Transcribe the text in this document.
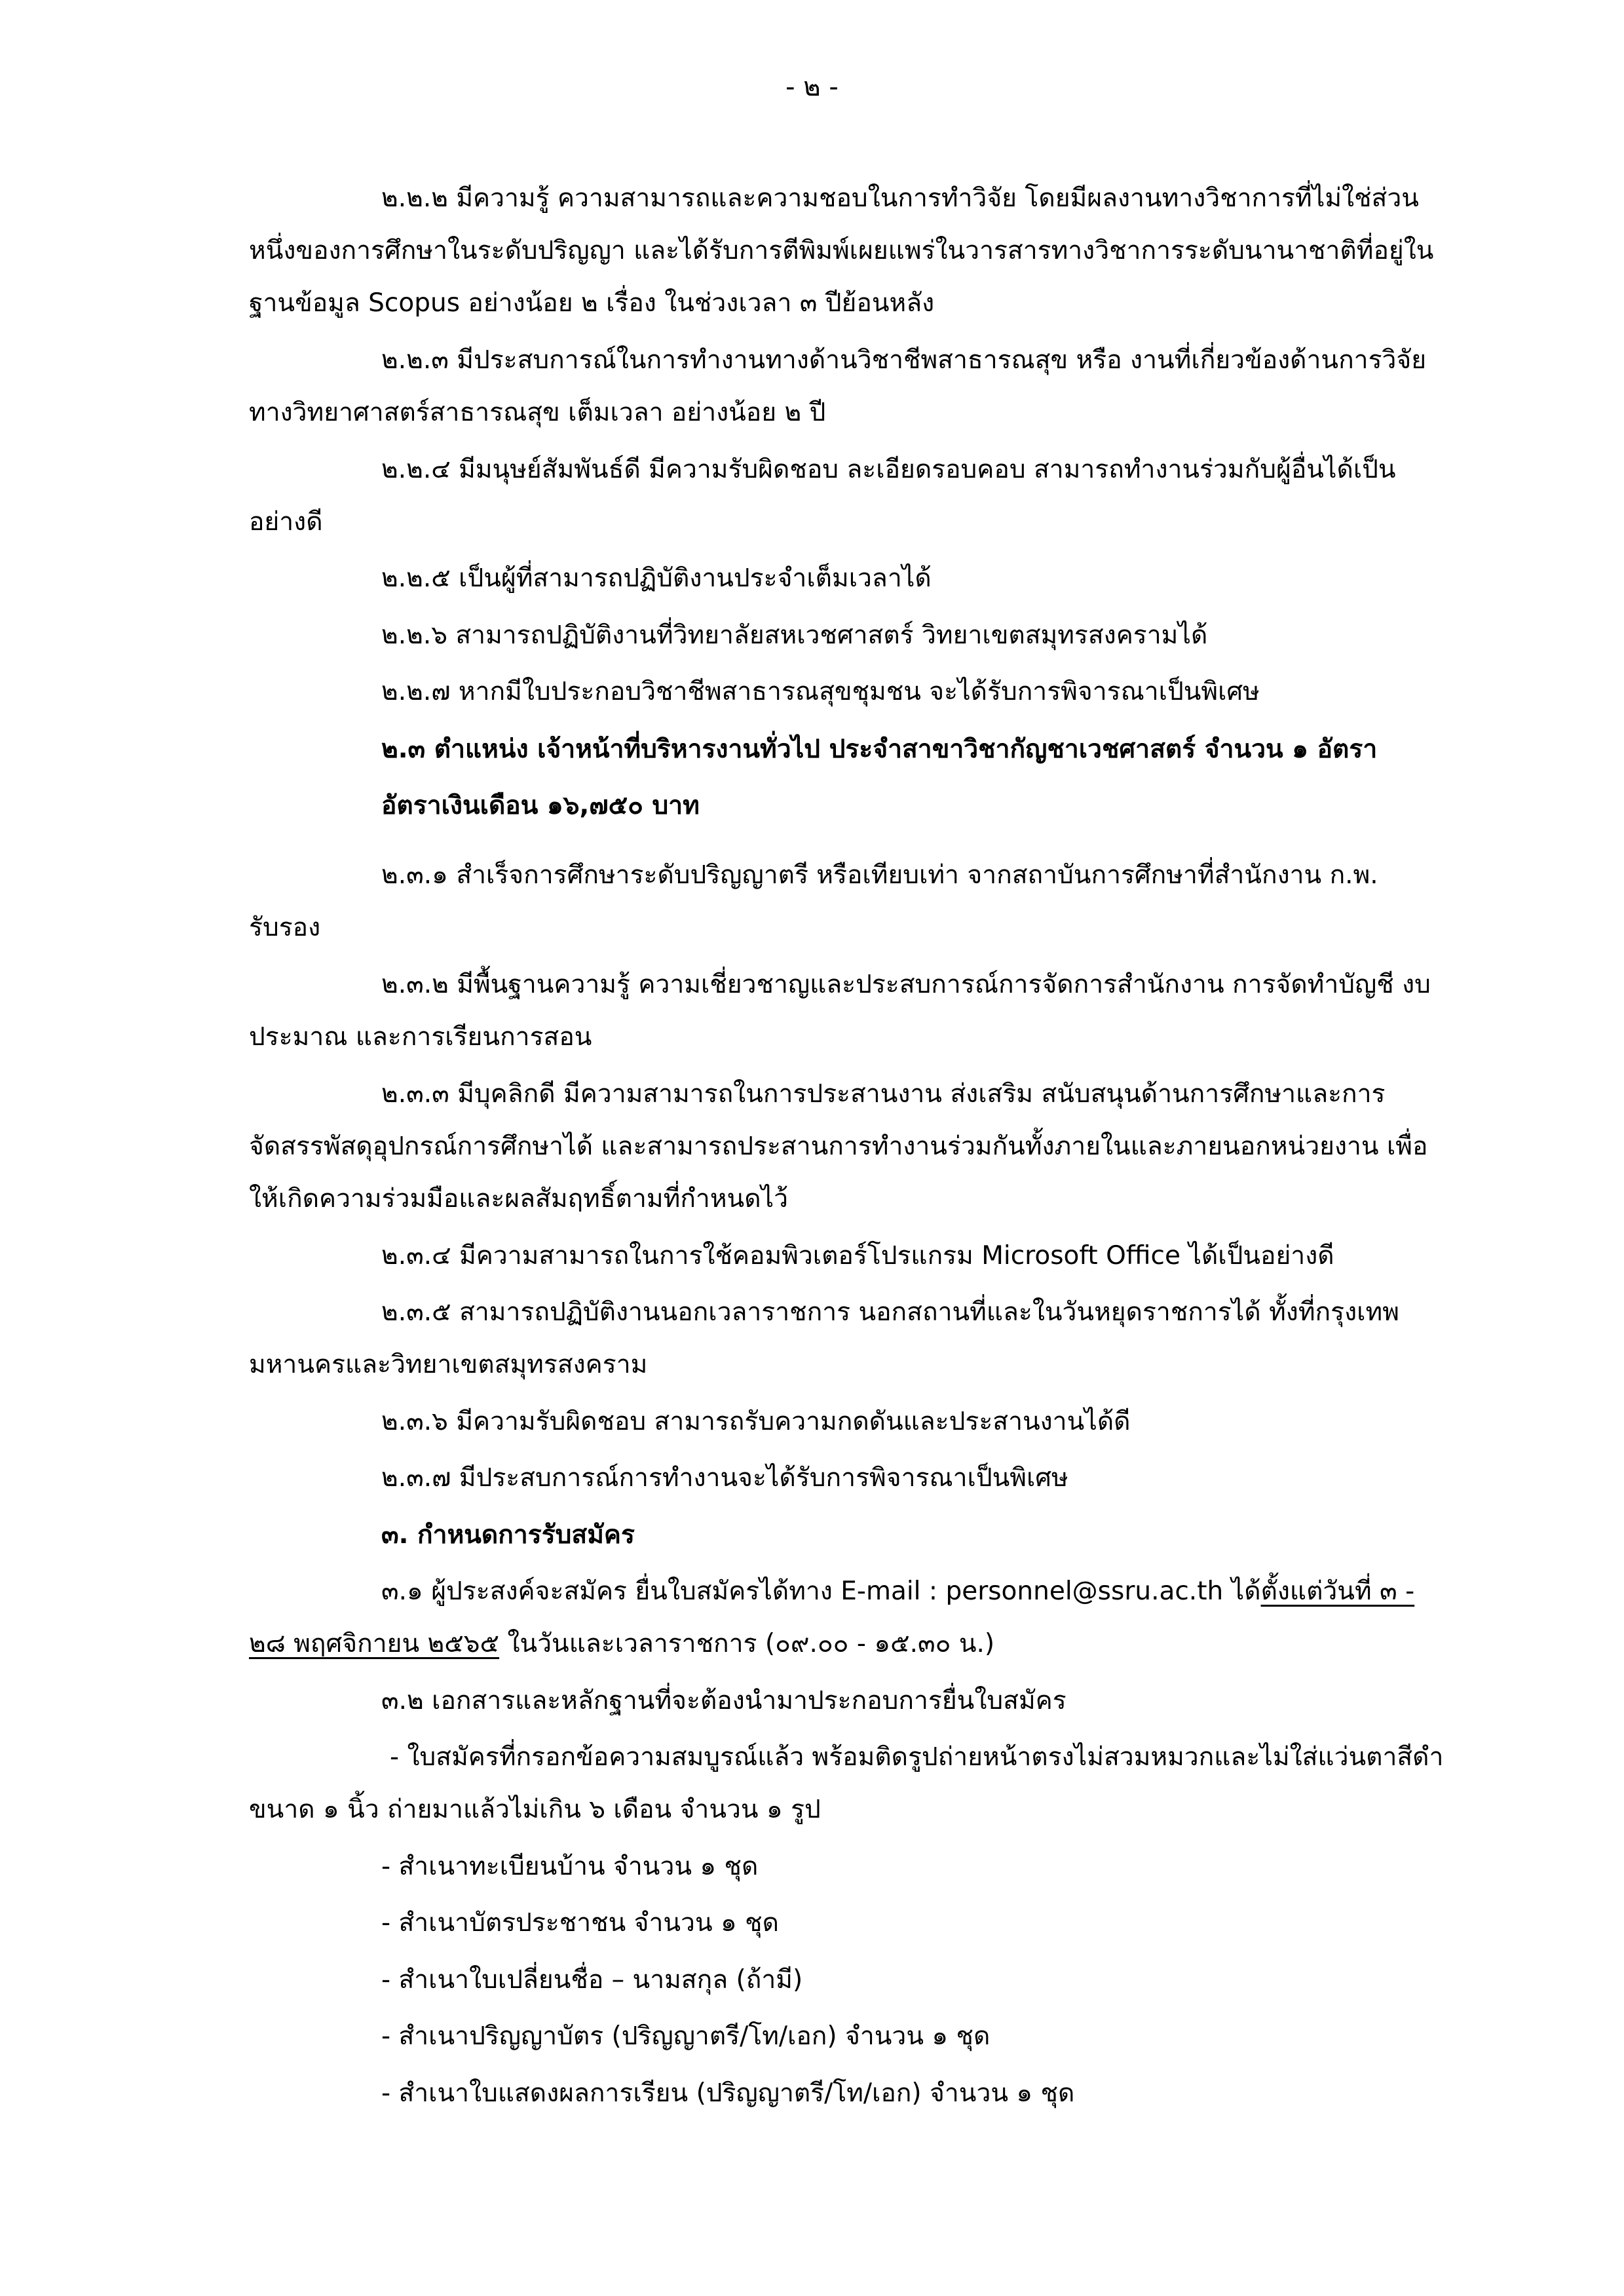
- ๒ -
๒.๒.๒ มีความรู้ ความสามารถและความชอบในการทำวิจัย โดยมีผลงานทางวิชาการที่ไม่ใช่ส่วน
หนึ่งของการศึกษาในระดับปริญญา และได้รับการตีพิมพ์เผยแพร่ในวารสารทางวิชาการระดับนานาชาติที่อยู่ใน
ฐานข้อมูล Scopus อย่างน้อย ๒ เรื่อง ในช่วงเวลา ๓ ปีย้อนหลัง
๒.๒.๓ มีประสบการณ์ในการทำงานทางด้านวิชาชีพสาธารณสุข หรือ งานที่เกี่ยวข้องด้านการวิจัย
ทางวิทยาศาสตร์สาธารณสุข เต็มเวลา อย่างน้อย ๒ ปี
๒.๒.๔ มีมนุษย์สัมพันธ์ดี มีความรับผิดชอบ ละเอียดรอบคอบ สามารถทำงานร่วมกับผู้อื่นได้เป็น
อย่างดี
๒.๒.๕ เป็นผู้ที่สามารถปฏิบัติงานประจำเต็มเวลาได้
๒.๒.๖ สามารถปฏิบัติงานที่วิทยาลัยสหเวชศาสตร์ วิทยาเขตสมุทรสงครามได้
๒.๒.๗ หากมีใบประกอบวิชาชีพสาธารณสุขชุมชน จะได้รับการพิจารณาเป็นพิเศษ
๒.๓ ตำแหน่ง เจ้าหน้าที่บริหารงานทั่วไป ประจำสาขาวิชากัญชาเวชศาสตร์ จำนวน ๑ อัตรา
อัตราเงินเดือน ๑๖,๗๕๐ บาท
๒.๓.๑ สำเร็จการศึกษาระดับปริญญาตรี หรือเทียบเท่า จากสถาบันการศึกษาที่สำนักงาน ก.พ.
รับรอง
๒.๓.๒ มีพื้นฐานความรู้ ความเชี่ยวชาญและประสบการณ์การจัดการสำนักงาน การจัดทำบัญชี งบ
ประมาณ และการเรียนการสอน
๒.๓.๓ มีบุคลิกดี มีความสามารถในการประสานงาน ส่งเสริม สนับสนุนด้านการศึกษาและการ
จัดสรรพัสดุอุปกรณ์การศึกษาได้ และสามารถประสานการทำงานร่วมกันทั้งภายในและภายนอกหน่วยงาน เพื่อ
ให้เกิดความร่วมมือและผลสัมฤทธิ์ตามที่กำหนดไว้
๒.๓.๔ มีความสามารถในการใช้คอมพิวเตอร์โปรแกรม Microsoft Office ได้เป็นอย่างดี
๒.๓.๕ สามารถปฏิบัติงานนอกเวลาราชการ นอกสถานที่และในวันหยุดราชการได้ ทั้งที่กรุงเทพ
มหานครและวิทยาเขตสมุทรสงคราม
๒.๓.๖ มีความรับผิดชอบ สามารถรับความกดดันและประสานงานได้ดี
๒.๓.๗ มีประสบการณ์การทำงานจะได้รับการพิจารณาเป็นพิเศษ
๓. กำหนดการรับสมัคร
๓.๑ ผู้ประสงค์จะสมัคร ยื่นใบสมัครได้ทาง E-mail : personnel@ssru.ac.th ได้ตั้งแต่วันที่ ๓ -
๒๘ พฤศจิกายน ๒๕๖๕ ในวันและเวลาราชการ (๐๙.๐๐ - ๑๕.๓๐ น.)
๓.๒ เอกสารและหลักฐานที่จะต้องนำมาประกอบการยื่นใบสมัคร
- ใบสมัครที่กรอกข้อความสมบูรณ์แล้ว พร้อมติดรูปถ่ายหน้าตรงไม่สวมหมวกและไม่ใส่แว่นตาสีดำ
ขนาด ๑ นิ้ว ถ่ายมาแล้วไม่เกิน ๖ เดือน จำนวน ๑ รูป
- สำเนาทะเบียนบ้าน จำนวน ๑ ชุด
- สำเนาบัตรประชาชน จำนวน ๑ ชุด
- สำเนาใบเปลี่ยนชื่อ – นามสกุล (ถ้ามี)
- สำเนาปริญญาบัตร (ปริญญาตรี/โท/เอก) จำนวน ๑ ชุด
- สำเนาใบแสดงผลการเรียน (ปริญญาตรี/โท/เอก) จำนวน ๑ ชุด
